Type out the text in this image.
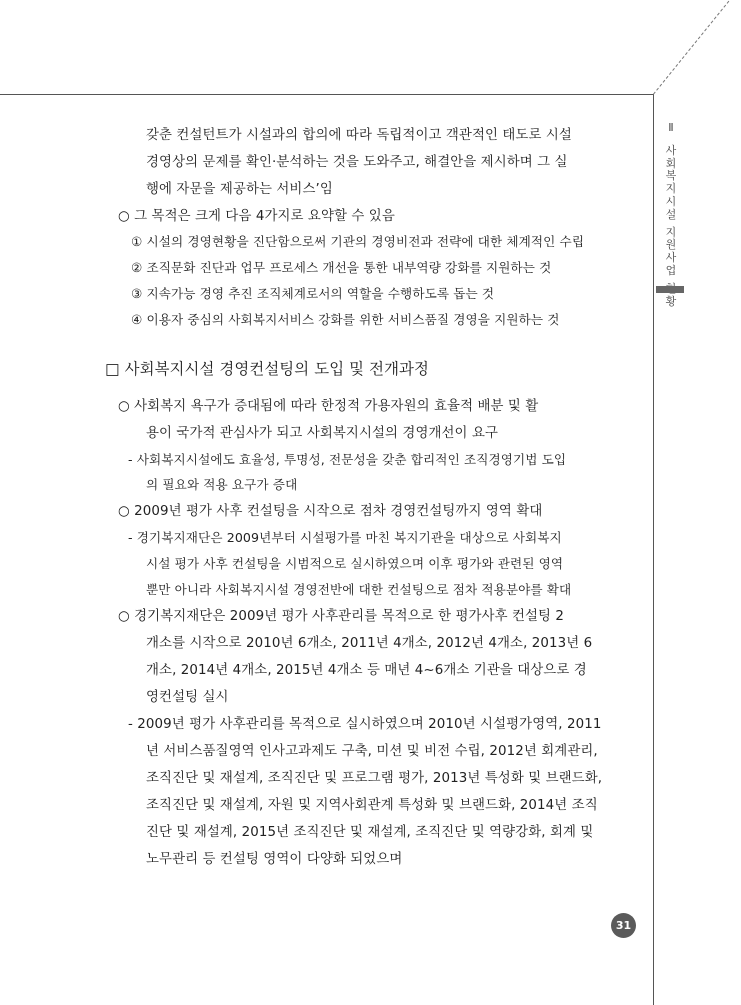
Ⅱ
사
회
복
지
시
설
지
원
사
업
황
갖춘 컨설턴트가 시설과의 합의에 따라 독립적이고 객관적인 태도로 시설
경영상의 문제를 확인·분석하는 것을 도와주고, 해결안을 제시하며 그 실
행에 자문을 제공하는 서비스’임
○ 그 목적은 크게 다음 4가지로 요약할 수 있음
① 시설의 경영현황을 진단함으로써 기관의 경영비전과 전략에 대한 체계적인 수립
② 조직문화 진단과 업무 프로세스 개선을 통한 내부역량 강화를 지원하는 것
③ 지속가능 경영 추진 조직체계로서의 역할을 수행하도록 돕는 것
④ 이용자 중심의 사회복지서비스 강화를 위한 서비스품질 경영을 지원하는 것
□ 사회복지시설 경영컨설팅의 도입 및 전개과정
○ 사회복지 욕구가 증대됨에 따라 한정적 가용자원의 효율적 배분 및 활
용이 국가적 관심사가 되고 사회복지시설의 경영개선이 요구
- 사회복지시설에도 효율성, 투명성, 전문성을 갖춘 합리적인 조직경영기법 도입
의 필요와 적용 요구가 증대
○ 2009년 평가 사후 컨설팅을 시작으로 점차 경영컨설팅까지 영역 확대
- 경기복지재단은 2009년부터 시설평가를 마친 복지기관을 대상으로 사회복지
시설 평가 사후 컨설팅을 시범적으로 실시하였으며 이후 평가와 관련된 영역
뿐만 아니라 사회복지시설 경영전반에 대한 컨설팅으로 점차 적용분야를 확대
○ 경기복지재단은 2009년 평가 사후관리를 목적으로 한 평가사후 컨설팅 2
개소를 시작으로 2010년 6개소, 2011년 4개소, 2012년 4개소, 2013년 6
개소, 2014년 4개소, 2015년 4개소 등 매년 4~6개소 기관을 대상으로 경
영컨설팅 실시
- 2009년 평가 사후관리를 목적으로 실시하였으며 2010년 시설평가영역, 2011
년 서비스품질영역 인사고과제도 구축, 미션 및 비전 수립, 2012년 회계관리,
조직진단 및 재설계, 조직진단 및 프로그램 평가, 2013년 특성화 및 브랜드화,
조직진단 및 재설계, 자원 및 지역사회관계 특성화 및 브랜드화, 2014년 조직
진단 및 재설계, 2015년 조직진단 및 재설계, 조직진단 및 역량강화, 회계 및
노무관리 등 컨설팅 영역이 다양화 되었으며
31
